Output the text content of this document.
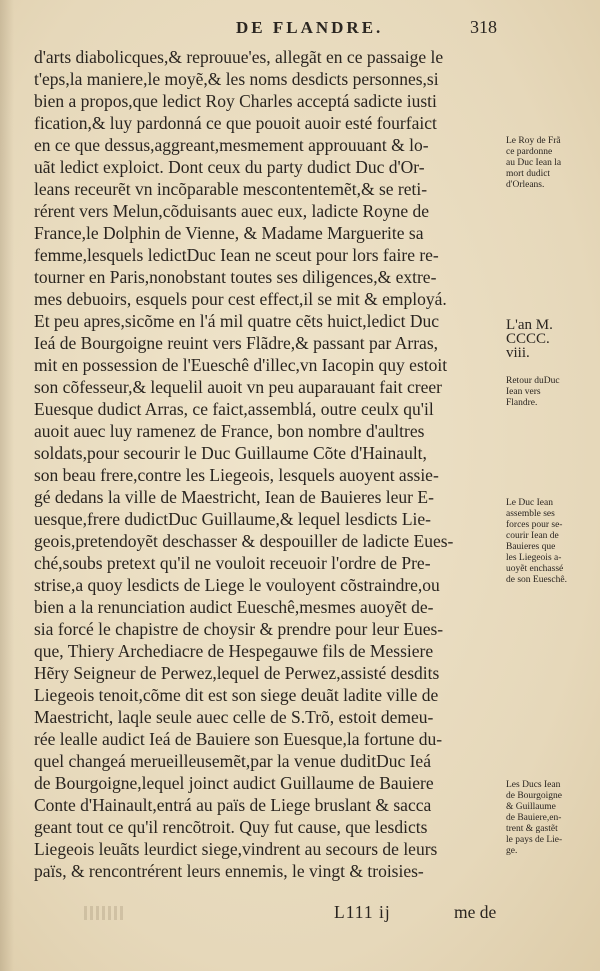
DE FLANDRE.	318
d'arts diabolicques,& reprouue'es, allegãt en ce passaige le
t'eps,la maniere,le moyẽ,& les noms desdicts personnes,si
bien a propos,que ledict Roy Charles acceptá sadicte iusti
fication,& luy pardonná ce que pouoit auoir esté fourfaict
en ce que dessus,aggreant,mesmement approuuant & lo-
uãt ledict exploict. Dont ceux du party dudict Duc d'Or-
leans receurẽt vn incõparable mescontentemẽt,& se reti-
rérent vers Melun,cõduisants auec eux, ladicte Royne de
France,le Dolphin de Vienne, & Madame Marguerite sa
femme,lesquels ledictDuc Iean ne sceut pour lors faire re-
tourner en Paris,nonobstant toutes ses diligences,& extre-
mes debuoirs, esquels pour cest effect,il se mit & employá.
Et peu apres,sicõme en l'á mil quatre cẽts huict,ledict Duc
Ieá de Bourgoigne reuint vers Flãdre,& passant par Arras,
mit en possession de l'Eueschê d'illec,vn Iacopin quy estoit
son cõfesseur,& lequelil auoit vn peu auparauant fait creer
Euesque dudict Arras, ce faict,assemblá, outre ceulx qu'il
auoit auec luy ramenez de France, bon nombre d'aultres
soldats,pour secourir le Duc Guillaume Cõte d'Hainault,
son beau frere,contre les Liegeois, lesquels auoyent assie-
gé dedans la ville de Maestricht, Iean de Bauieres leur E-
uesque,frere dudictDuc Guillaume,& lequel lesdicts Lie-
geois,pretendoyẽt deschasser & despouiller de ladicte Eues-
ché,soubs pretext qu'il ne vouloit receuoir l'ordre de Pre-
strise,a quoy lesdicts de Liege le vouloyent cõstraindre,ou
bien a la renunciation audict Eueschê,mesmes auoyẽt de-
sia forcé le chapistre de choysir & prendre pour leur Eues-
que, Thiery Archediacre de Hespegauwe fils de Messiere
Hẽry Seigneur de Perwez,lequel de Perwez,assisté desdits
Liegeois tenoit,cõme dit est son siege deuãt ladite ville de
Maestricht, laqle seule auec celle de S.Trõ, estoit demeu-
rée lealle audict Ieá de Bauiere son Euesque,la fortune du-
quel changeá merueilleusemẽt,par la venue duditDuc Ieá
de Bourgoigne,lequel joinct audict Guillaume de Bauiere
Conte d'Hainault,entrá au païs de Liege bruslant & sacca
geant tout ce qu'il rencõtroit. Quy fut cause, que lesdicts
Liegeois leuãts leurdict siege,vindrent au secours de leurs
païs, & rencontrérent leurs ennemis, le vingt & troisies-
Le Roy de Frã
ce pardonne
au Duc Iean la
mort dudict
d'Orleans.
L'an M.
CCCC.
viii.
Retour duDuc
Iean vers
Flandre.
Le Duc Iean
assemble ses
forces pour se-
courir Iean de
Bauieres que
les Liegeois a-
uoyẽt enchassé
de son Eueschê.
Les Ducs Iean
de Bourgoigne
& Guillaume
de Bauiere,en-
trent & gastẽt
le pays de Lie-
ge.
L111 ij	me de
